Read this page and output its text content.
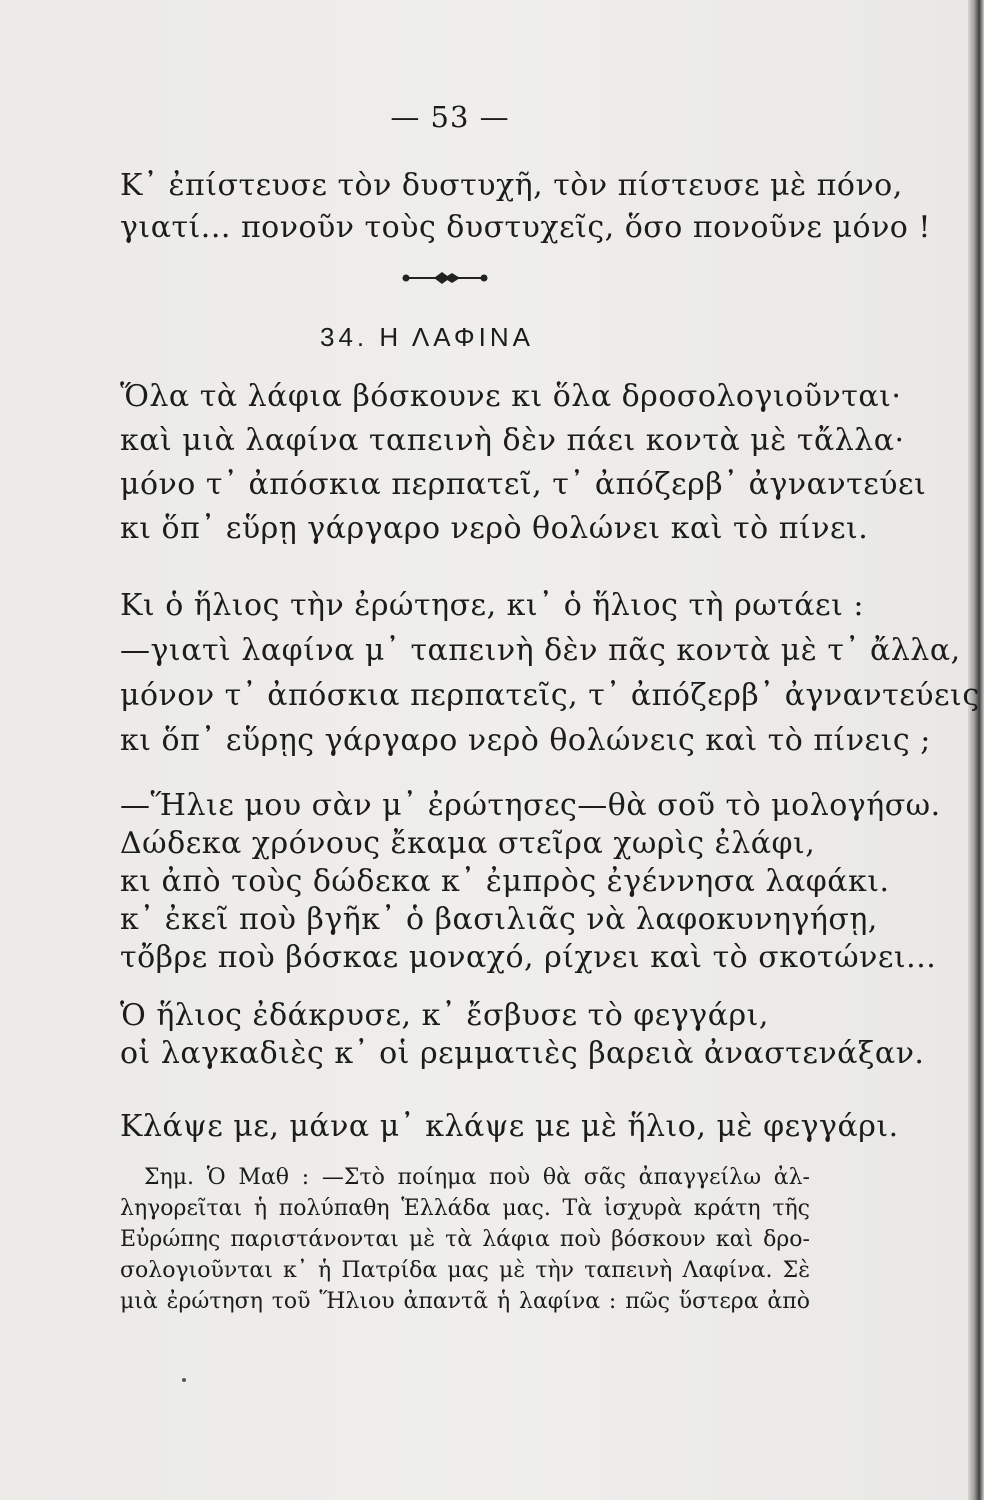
— 53 —
Κ᾽ ἐπίστευσε τὸν δυστυχῆ, τὸν πίστευσε μὲ πόνο,
γιατί... πονοῦν τοὺς δυστυχεῖς, ὅσο πονοῦνε μόνο !
34. Η ΛΑΦΙΝΑ
Ὅλα τὰ λάφια βόσκουνε κι ὅλα δροσολογιοῦνται·
καὶ μιὰ λαφίνα ταπεινὴ δὲν πάει κοντὰ μὲ τἄλλα·
μόνο τ᾽ ἀπόσκια περπατεῖ, τ᾽ ἀπόζερβ᾽ ἀγναντεύει
κι ὅπ᾽ εὕρῃ γάργαρο νερὸ θολώνει καὶ τὸ πίνει.
Κι ὁ ἥλιος τὴν ἐρώτησε, κι᾽ ὁ ἥλιος τὴ ρωτάει :
—γιατὶ λαφίνα μ᾽ ταπεινὴ δὲν πᾶς κοντὰ μὲ τ᾽ ἄλλα,
μόνον τ᾽ ἀπόσκια περπατεῖς, τ᾽ ἀπόζερβ᾽ ἀγναντεύεις
κι ὅπ᾽ εὕρῃς γάργαρο νερὸ θολώνεις καὶ τὸ πίνεις ;
—Ἥλιε μου σὰν μ᾽ ἐρώτησες—θὰ σοῦ τὸ μολογήσω.
Δώδεκα χρόνους ἔκαμα στεῖρα χωρὶς ἐλάφι,
κι ἀπὸ τοὺς δώδεκα κ᾽ ἐμπρὸς ἐγέννησα λαφάκι.
κ᾽ ἐκεῖ ποὺ βγῆκ᾽ ὁ βασιλιᾶς νὰ λαφοκυνηγήσῃ,
τὄβρε ποὺ βόσκαε μοναχό, ρίχνει καὶ τὸ σκοτώνει...
Ὁ ἥλιος ἐδάκρυσε, κ᾽ ἔσβυσε τὸ φεγγάρι,
οἱ λαγκαδιὲς κ᾽ οἱ ρεμματιὲς βαρειὰ ἀναστενάξαν.
Κλάψε με, μάνα μ᾽ κλάψε με μὲ ἥλιο, μὲ φεγγάρι.
Σημ. Ὁ Μαθ : —Στὸ ποίημα ποὺ θὰ σᾶς ἀπαγγείλω ἀλ-
ληγορεῖται ἡ πολύπαθη Ἑλλάδα μας. Τὰ ἰσχυρὰ κράτη τῆς
Εὐρώπης παριστάνονται μὲ τὰ λάφια ποὺ βόσκουν καὶ δρο-
σολογιοῦνται κ᾽ ἡ Πατρίδα μας μὲ τὴν ταπεινὴ Λαφίνα. Σὲ
μιὰ ἐρώτηση τοῦ Ἥλιου ἀπαντᾶ ἡ λαφίνα : πῶς ὕστερα ἀπὸ
